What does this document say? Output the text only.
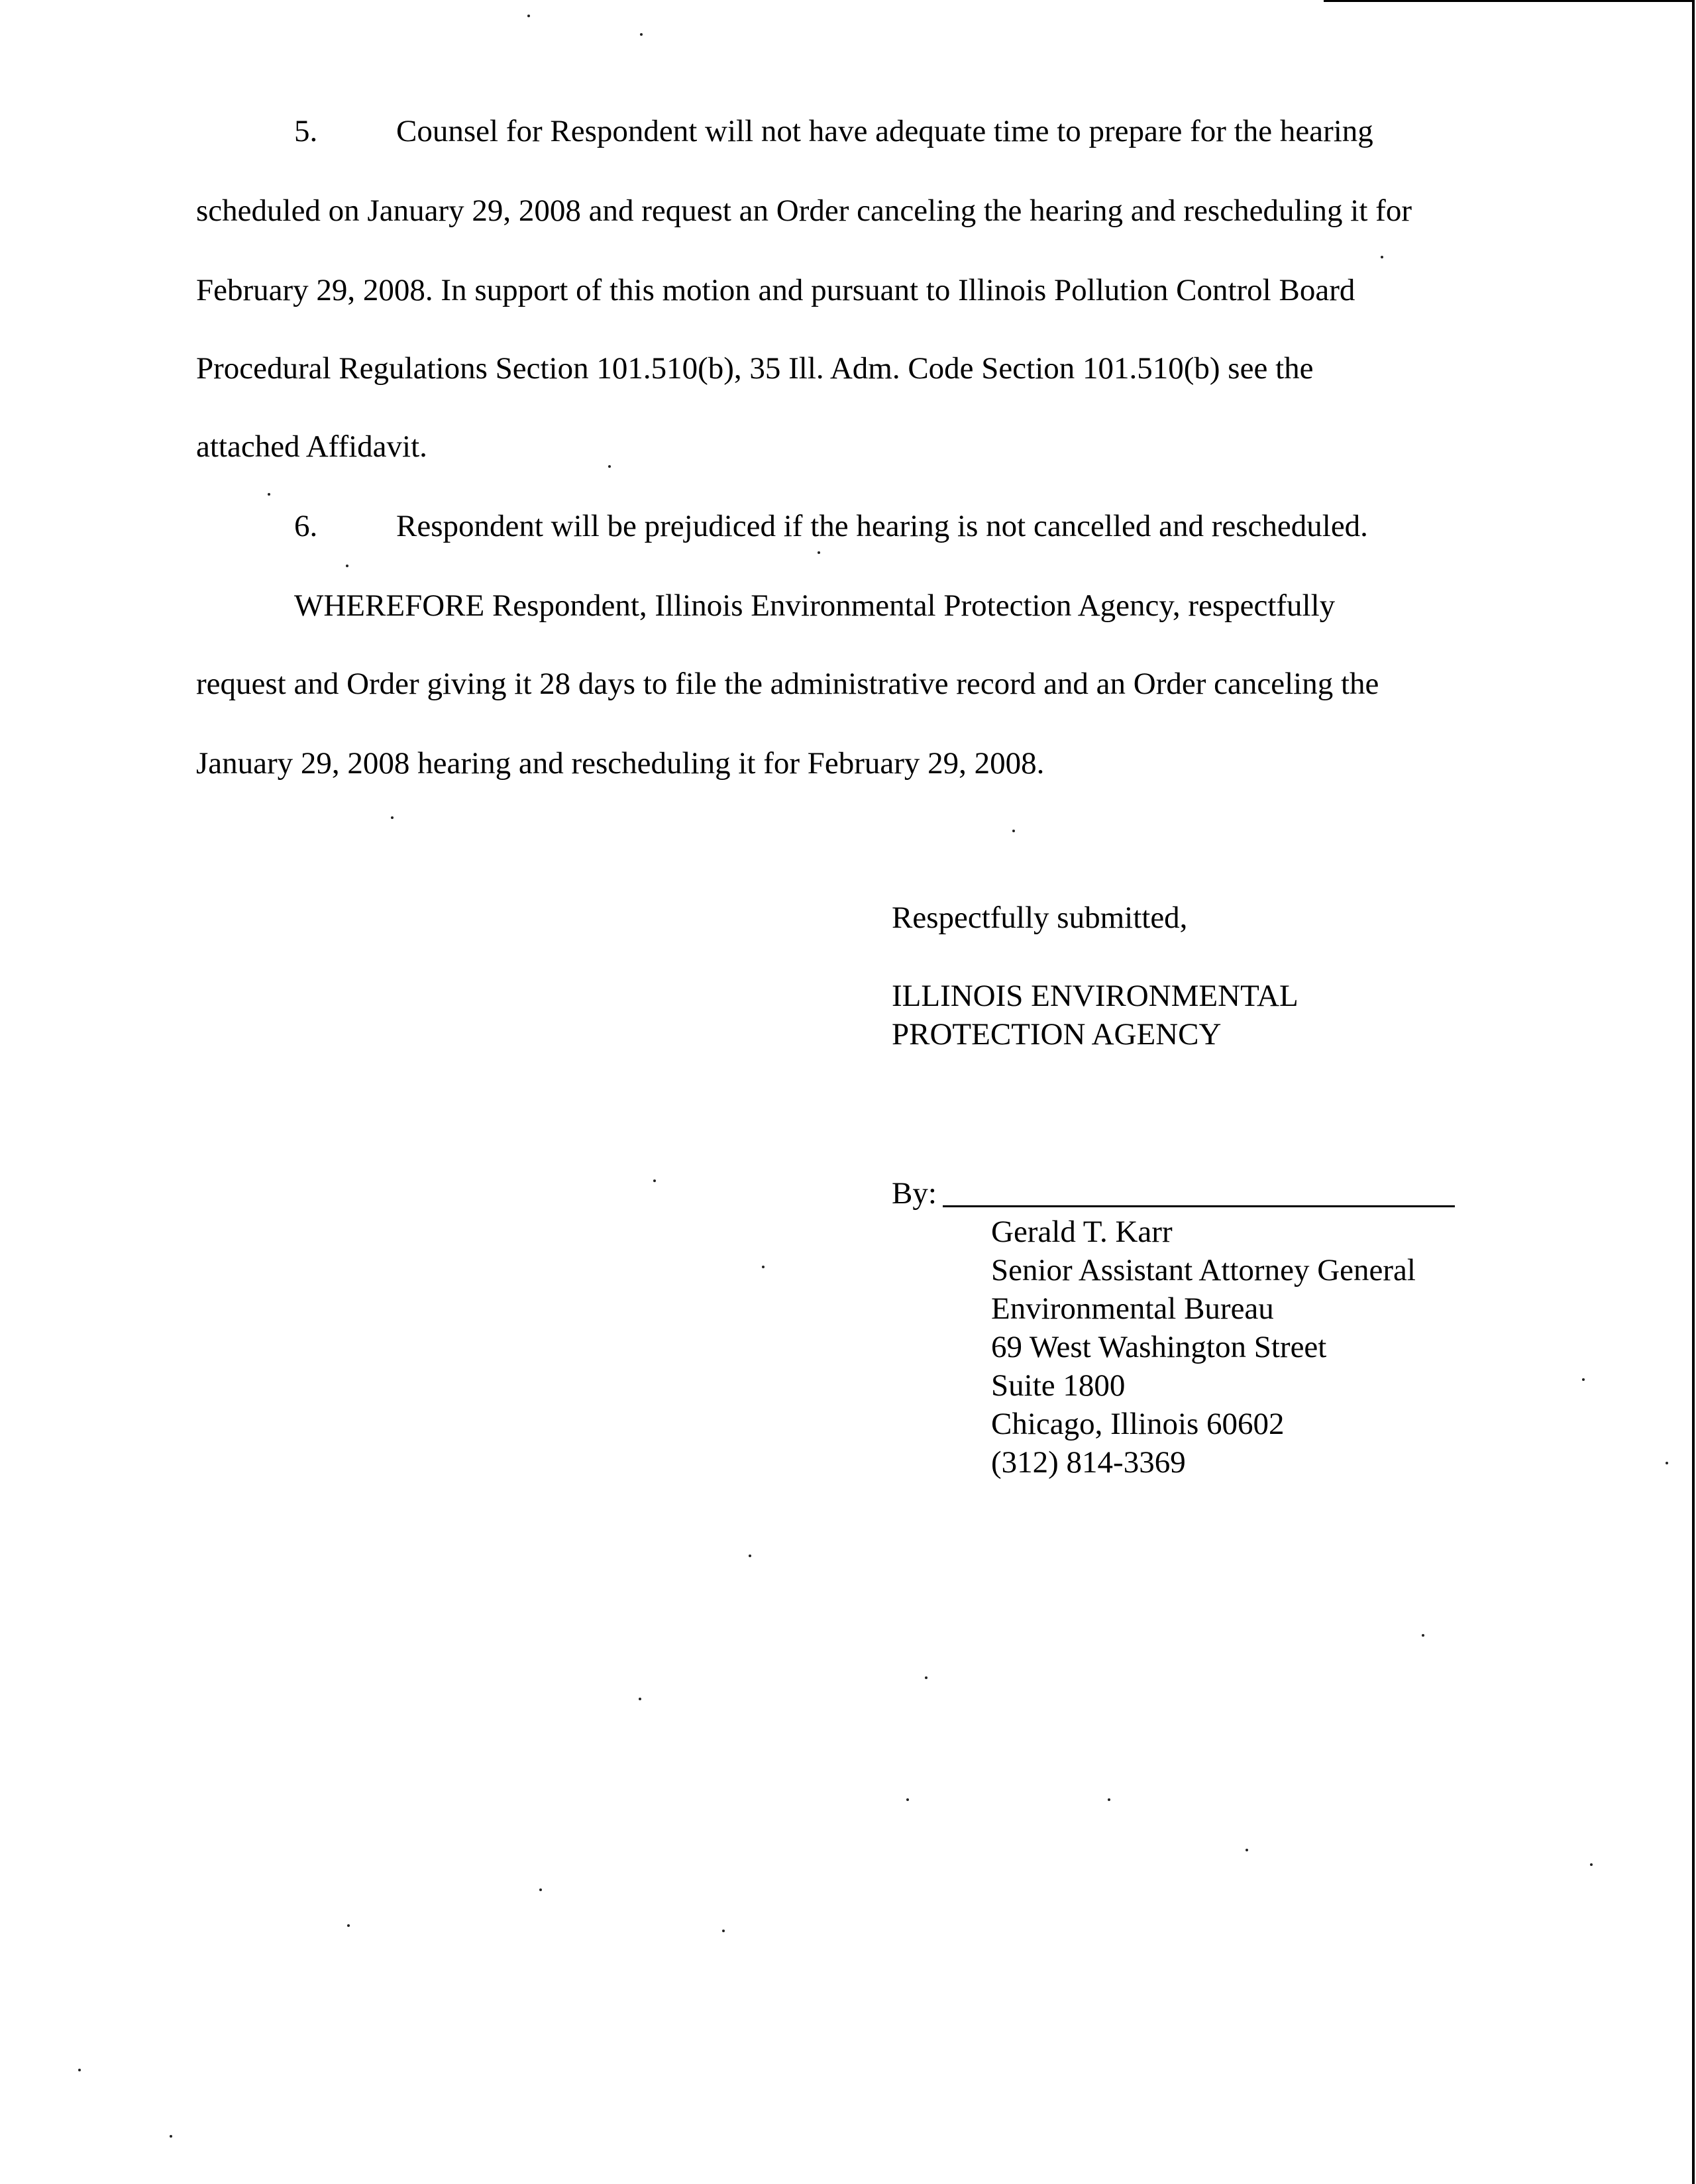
5.	Counsel for Respondent will not have adequate time to prepare for the hearing
scheduled on January 29, 2008 and request an Order canceling the hearing and rescheduling it for
February 29, 2008. In support of this motion and pursuant to Illinois Pollution Control Board
Procedural Regulations Section 101.510(b), 35 Ill. Adm. Code Section 101.510(b) see the
attached Affidavit.
6.	Respondent will be prejudiced if the hearing is not cancelled and rescheduled.
WHEREFORE Respondent, Illinois Environmental Protection Agency, respectfully
request and Order giving it 28 days to file the administrative record and an Order canceling the
January 29, 2008 hearing and rescheduling it for February 29, 2008.
Respectfully submitted,
ILLINOIS ENVIRONMENTAL
PROTECTION AGENCY
By:
Gerald T. Karr
Senior Assistant Attorney General
Environmental Bureau
69 West Washington Street
Suite 1800
Chicago, Illinois 60602
(312) 814-3369
